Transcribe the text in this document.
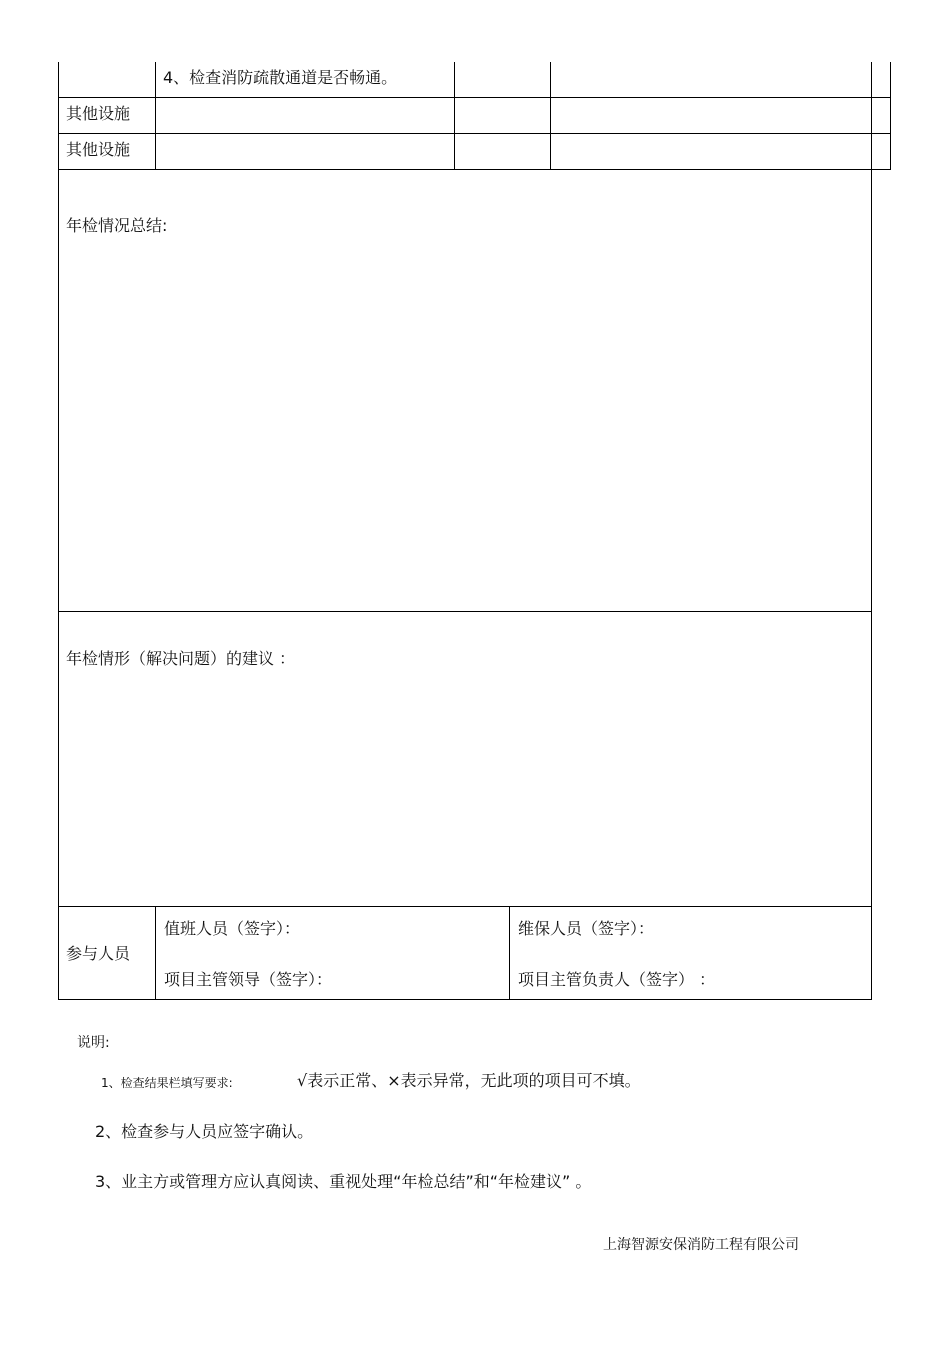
4、检查消防疏散通道是否畅通。
其他设施
其他设施
年检情况总结:
年检情形（解决问题）的建议 ：
参与人员
值班人员（签字）：
项目主管领导（签字）：
维保人员（签字）：
项目主管负责人（签字） ：
说明:
1、检查结果栏填写要求:	√表示正常、×表示异常，无此项的项目可不填。
2、检查参与人员应签字确认。
3、业主方或管理方应认真阅读、重视处理“年检总结”和“年检建议” 。
上海智源安保消防工程有限公司
